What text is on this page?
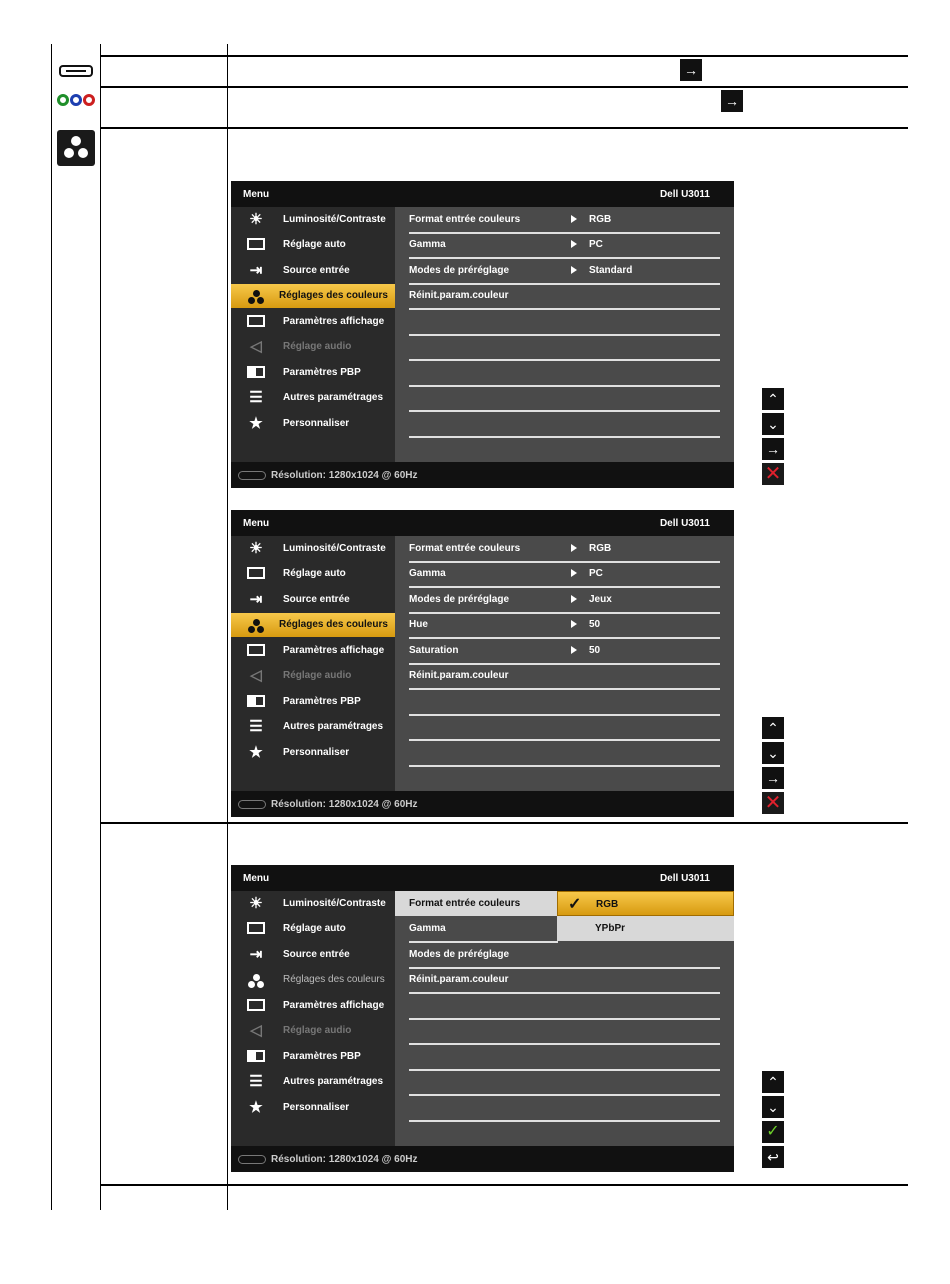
→
→
Menu	Dell U3011
☀	Luminosité/Contraste
Réglage auto
⇥	Source entrée
Réglages des couleurs
Paramètres affichage
◁	Réglage audio
Paramètres PBP
☰	Autres paramétrages
★	Personnaliser
Format entrée couleurs	RGB
Gamma	PC
Modes de préréglage	Standard
Réinit.param.couleur
Résolution: 1280x1024 @ 60Hz
⌃
⌄
→
✕
Menu	Dell U3011
☀	Luminosité/Contraste
Réglage auto
⇥	Source entrée
Réglages des couleurs
Paramètres affichage
◁	Réglage audio
Paramètres PBP
☰	Autres paramétrages
★	Personnaliser
Format entrée couleurs	RGB
Gamma	PC
Modes de préréglage	Jeux
Hue	50
Saturation	50
Réinit.param.couleur
Résolution: 1280x1024 @ 60Hz
⌃
⌄
→
✕
Menu	Dell U3011
☀	Luminosité/Contraste
Réglage auto
⇥	Source entrée
Réglages des couleurs
Paramètres affichage
◁	Réglage audio
Paramètres PBP
☰	Autres paramétrages
★	Personnaliser
Format entrée couleurs	✓ RGB
YPbPr
Gamma
Modes de préréglage
Réinit.param.couleur
Résolution: 1280x1024 @ 60Hz
⌃
⌄
✓
↩
